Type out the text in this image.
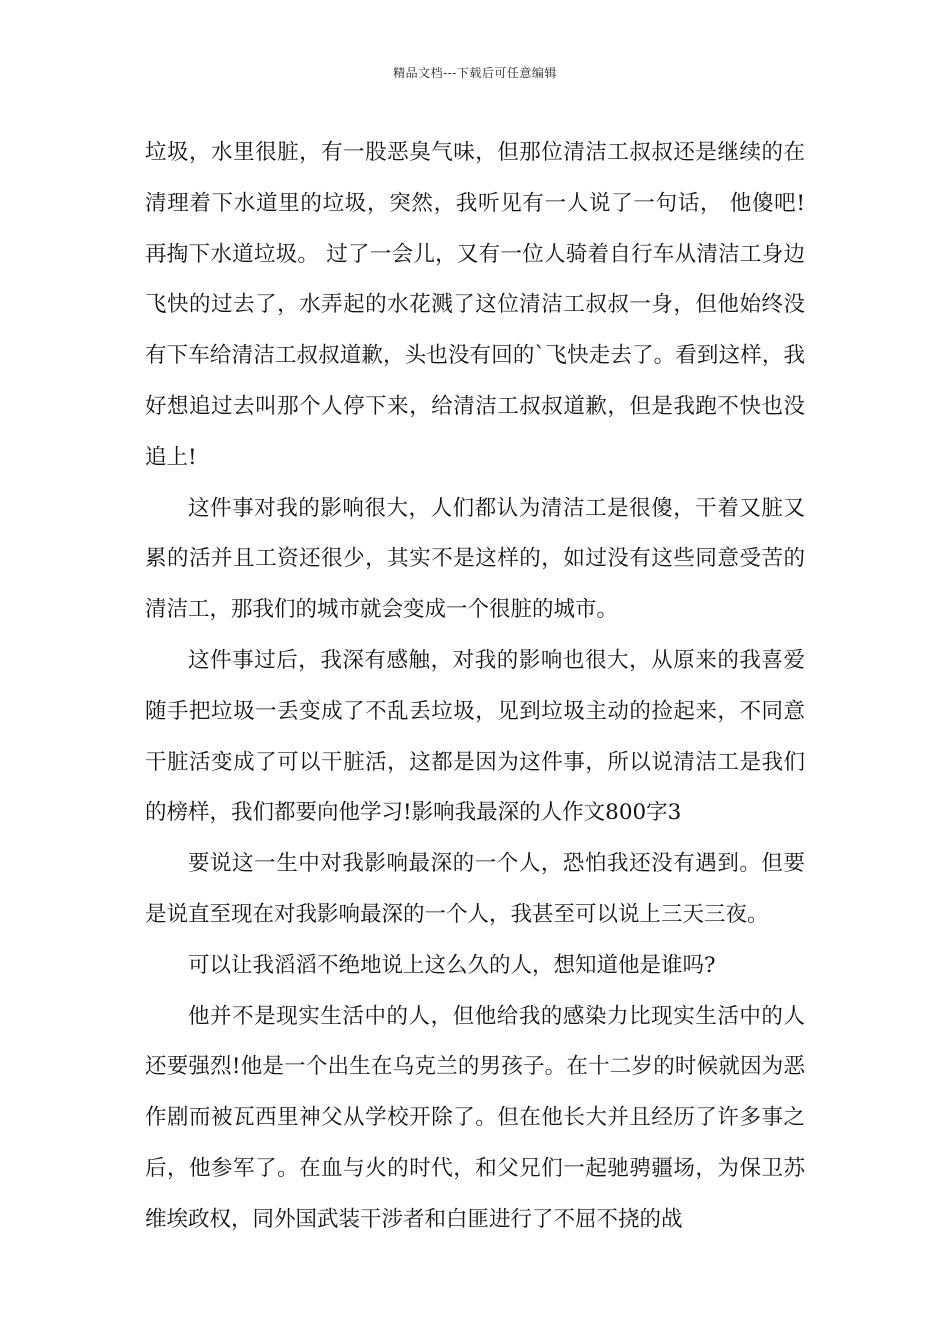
精品文档---下载后可任意编辑

垃圾，水里很脏，有一股恶臭气味，但那位清洁工叔叔还是继续的在清理着下水道里的垃圾，突然，我听见有一人说了一句话， 他傻吧!再掏下水道垃圾。 过了一会儿，又有一位人骑着自行车从清洁工身边飞快的过去了，水弄起的水花溅了这位清洁工叔叔一身，但他始终没有下车给清洁工叔叔道歉，头也没有回的`飞快走去了。看到这样，我好想追过去叫那个人停下来，给清洁工叔叔道歉，但是我跑不快也没追上!

这件事对我的影响很大，人们都认为清洁工是很傻，干着又脏又累的活并且工资还很少，其实不是这样的，如过没有这些同意受苦的清洁工，那我们的城市就会变成一个很脏的城市。

这件事过后，我深有感触，对我的影响也很大，从原来的我喜爱随手把垃圾一丢变成了不乱丢垃圾，见到垃圾主动的捡起来，不同意干脏活变成了可以干脏活，这都是因为这件事，所以说清洁工是我们的榜样，我们都要向他学习!影响我最深的人作文800字3

要说这一生中对我影响最深的一个人，恐怕我还没有遇到。但要是说直至现在对我影响最深的一个人，我甚至可以说上三天三夜。

可以让我滔滔不绝地说上这么久的人，想知道他是谁吗?

他并不是现实生活中的人，但他给我的感染力比现实生活中的人还要强烈!他是一个出生在乌克兰的男孩子。在十二岁的时候就因为恶作剧而被瓦西里神父从学校开除了。但在他长大并且经历了许多事之后，他参军了。在血与火的时代，和父兄们一起驰骋疆场，为保卫苏维埃政权，同外国武装干涉者和白匪进行了不屈不挠的战
